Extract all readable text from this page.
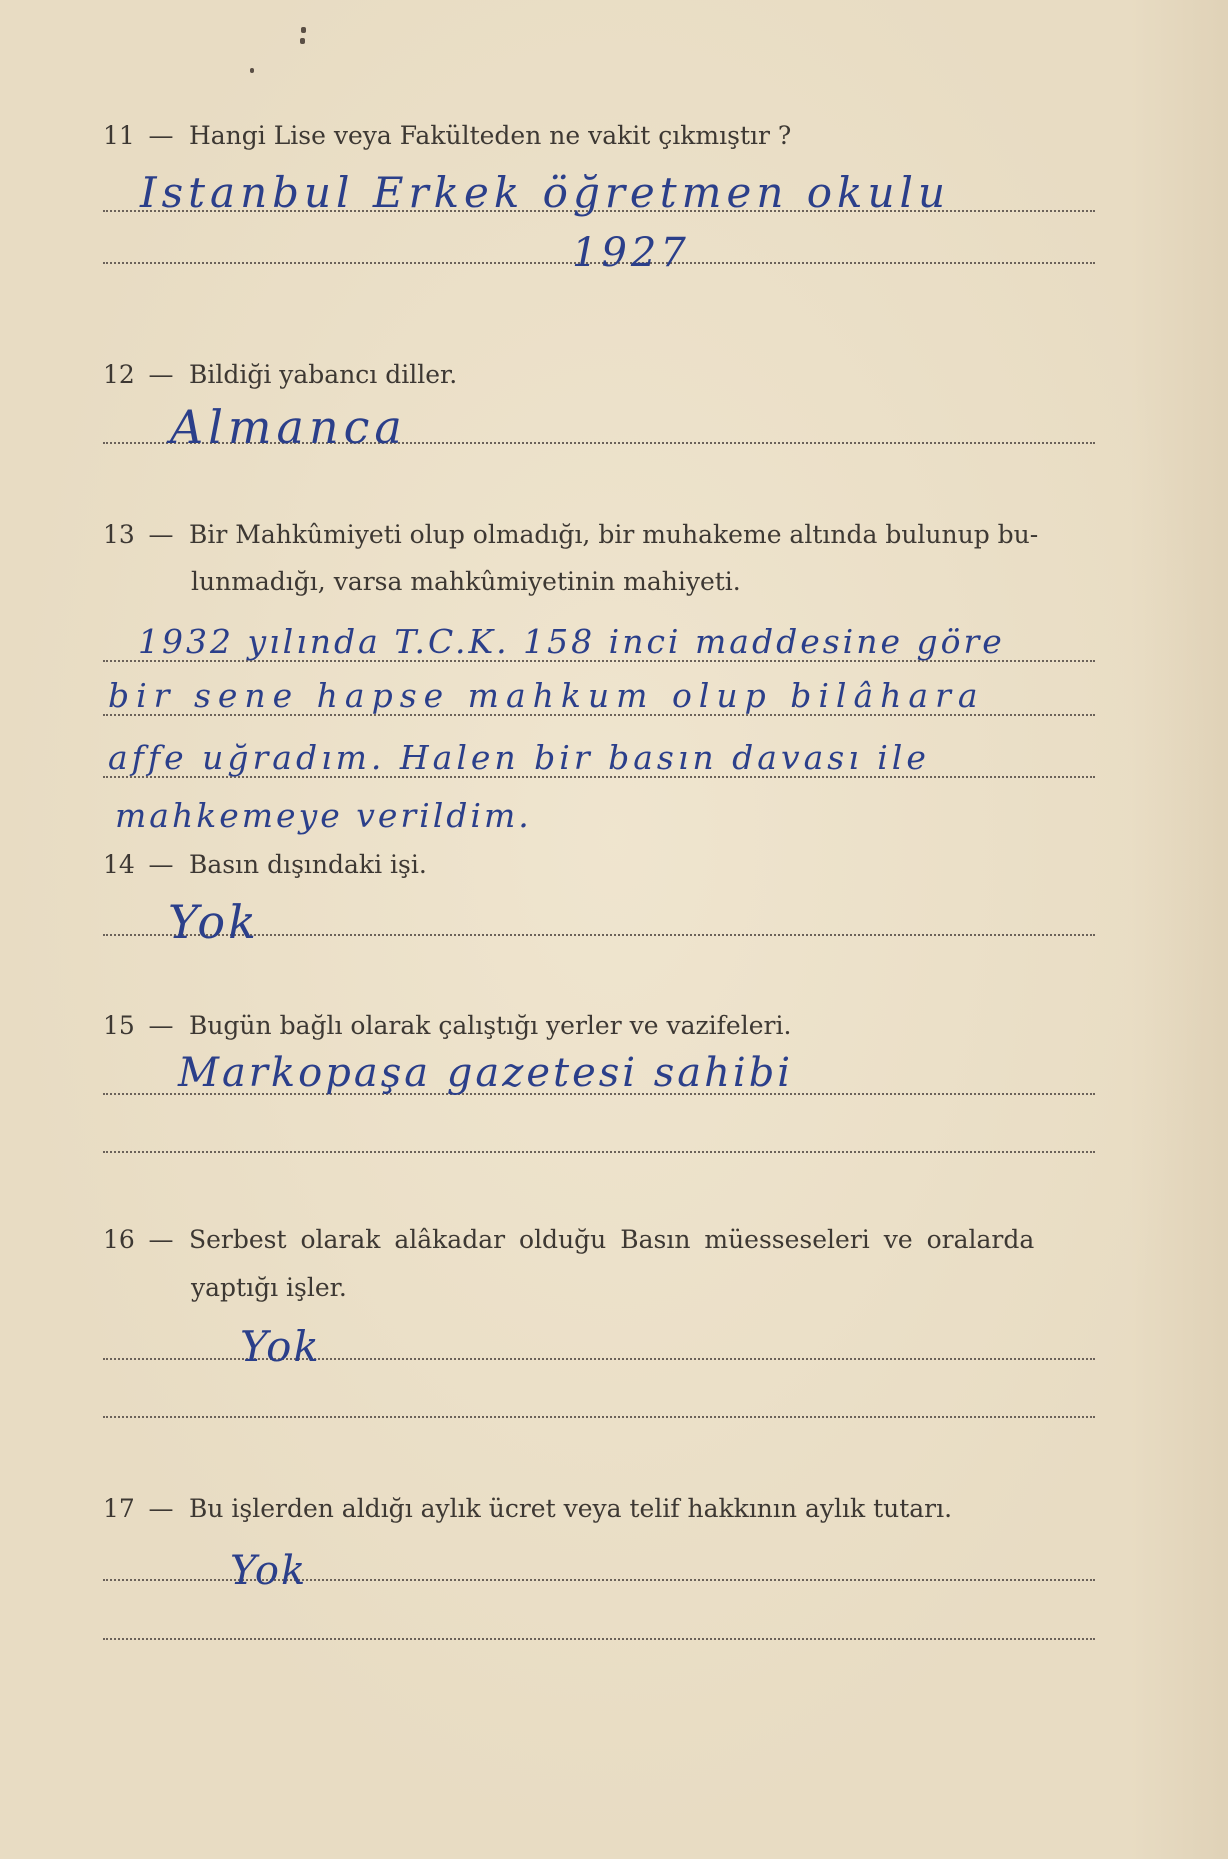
11 — Hangi Lise veya Fakülteden ne vakit çıkmıştır ?
Istanbul Erkek öğretmen okulu
1927
12 — Bildiği yabancı diller.
Almanca
13 — Bir Mahkûmiyeti olup olmadığı, bir muhakeme altında bulunup bu-
lunmadığı, varsa mahkûmiyetinin mahiyeti.
1932 yılında T.C.K. 158 inci maddesine göre
bir sene hapse mahkum olup bilâhara
affe uğradım. Halen bir basın davası ile
mahkemeye verildim.
14 — Basın dışındaki işi.
Yok
15 — Bugün bağlı olarak çalıştığı yerler ve vazifeleri.
Markopaşa gazetesi sahibi
16 — Serbest olarak alâkadar olduğu Basın müesseseleri ve oralarda
yaptığı işler.
Yok
17 — Bu işlerden aldığı aylık ücret veya telif hakkının aylık tutarı.
Yok
